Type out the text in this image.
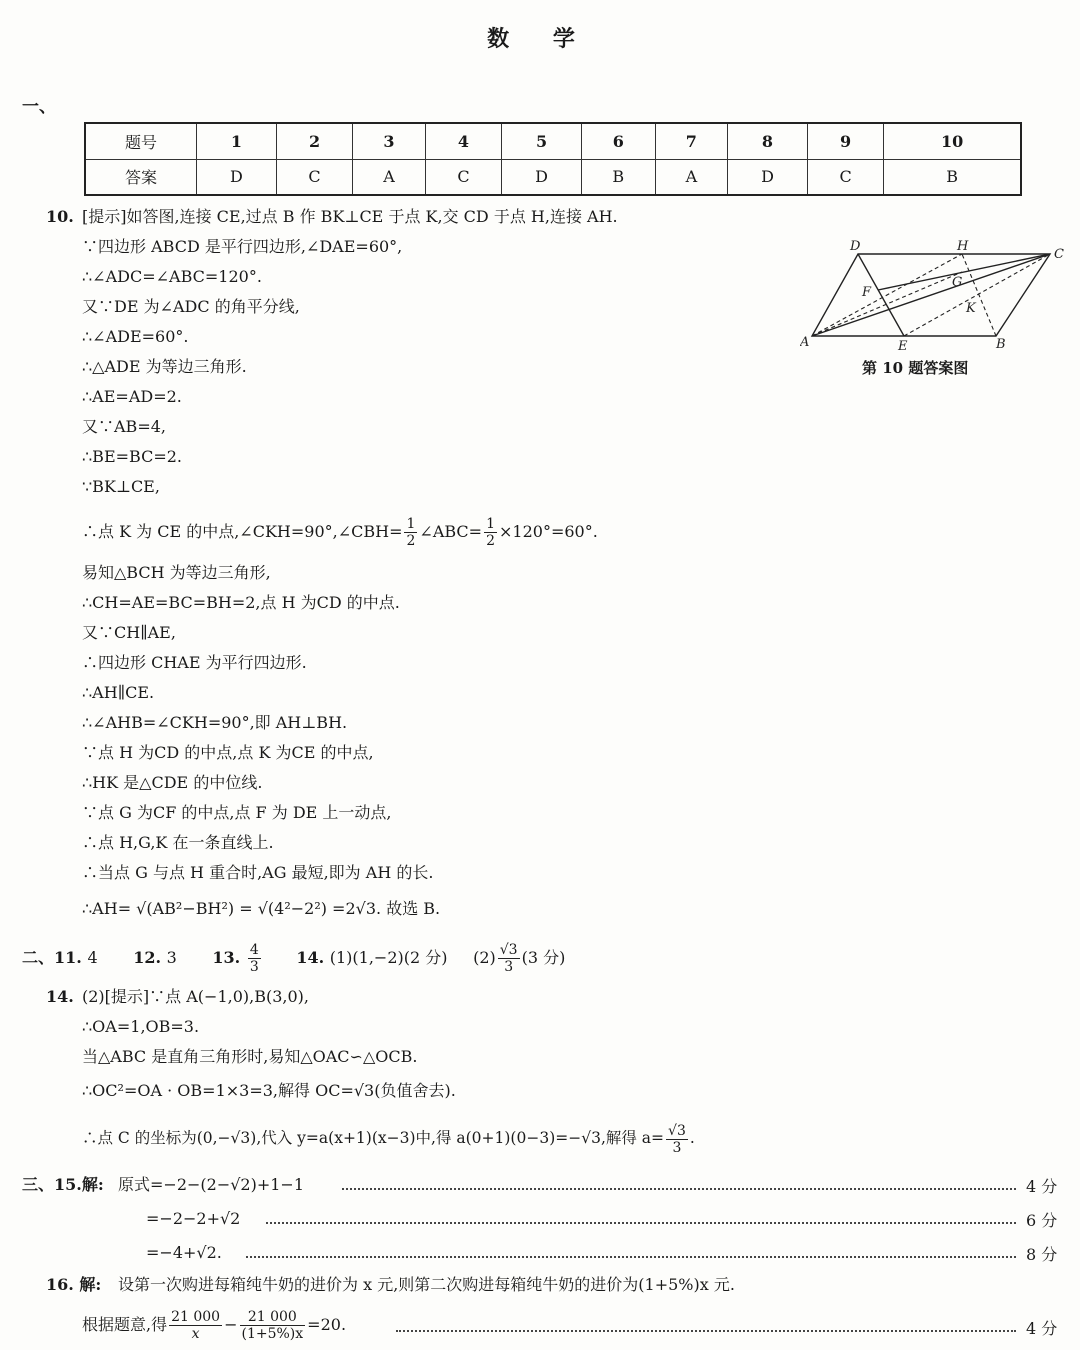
数 学
一、
题号	1	2	3	4	5	6	7	8	9	10
答案	D	C	A	C	D	B	A	D	C	B
10. [提示]如答图,连接 CE,过点 B 作 BK⊥CE 于点 K,交 CD 于点 H,连接 AH.
∵四边形 ABCD 是平行四边形,∠DAE=60°,
∴∠ADC=∠ABC=120°.
又∵DE 为∠ADC 的角平分线,
∴∠ADE=60°.
∴△ADE 为等边三角形.
∴AE=AD=2.
又∵AB=4,
∴BE=BC=2.
∵BK⊥CE,
∴点 K 为 CE 的中点,∠CKH=90°,∠CBH= $\frac{1}{2}$ ∠ABC= $\frac{1}{2} \times 120^\circ=60^\circ$.
易知△BCH 为等边三角形,
∴CH=AE=BC=BH=2,点 H 为CD 的中点.
又∵CH∥AE,
∴四边形 CHAE 为平行四边形.
∴AH∥CE.
∴∠AHB=∠CKH=90°,即 AH⊥BH.
∵点 H 为CD 的中点,点 K 为CE 的中点,
∴HK 是△CDE 的中位线.
∵点 G 为CF 的中点,点 F 为 DE 上一动点,
∴点 H,G,K 在一条直线上.
∴当点 G 与点 H 重合时,AG 最短,即为 AH 的长.
∴AH= √(AB²−BH²) = √(4²−2²) =2√3. 故选 B.
D	H
C
F
G
K
A	E	B
第 10 题答案图
二、11. 4 12. 3 13. $\frac{4}{3} 14$. (1)(1,−2)(2 分) $(2) \frac{√3}{3} (3$ 分)
14. (2)[提示]∵点 A(−1,0),B(3,0),
∴OA=1,OB=3.
当△ABC 是直角三角形时,易知△OAC∽△OCB.
∴OC²=OA · OB=1×3=3,解得 OC=√3(负值舍去).
∴点 C 的坐标为(0,−√3),代入 y=a(x+1)(x−3)中,得 a(0+1)(0−3)=−√3,解得 $a= \frac{√3}{3}$ .
三、15.解: 原式=−2−(2−√2)+1−1	4 分
=−2−2+√2	6 分
=−4+√2.	8 分
16. 解: 设第一次购进每箱纯牛奶的进价为 x 元,则第二次购进每箱纯牛奶的进价为(1+5%)x 元.
根据题意,得 $\frac{21 000}{x} - \frac{21 000}{(1+5\%)x} =20$.	4 分
